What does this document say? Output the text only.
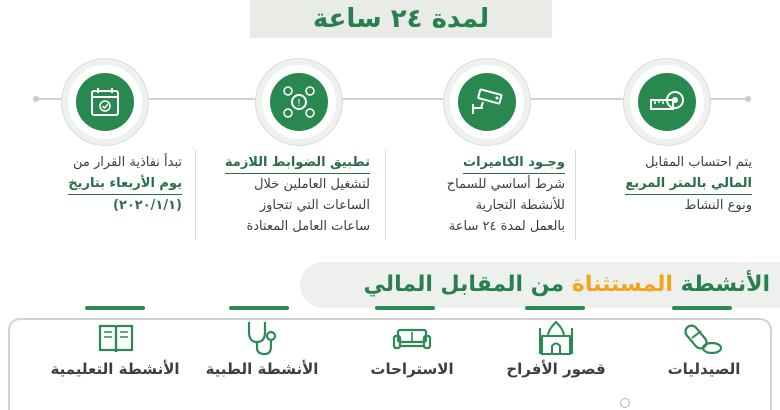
لمدة ٢٤ ساعة
!
يتم احتساب المقابل
المالي بالمتر المربع
ونوع النشاط
وجـود الكاميرات
شرط أساسي للسماح
للأنشطة التجارية
بالعمل لمدة ٢٤ ساعة
تطبيق الضوابط اللازمة
لتشغيل العاملين خلال
الساعات التي تتجاوز
ساعات العامل المعتادة
تبدأ نفاذية القرار من
يوم الأربعاء بتاريخ
(٢٠٢٠/١/١)
الأنشطة المستثناة من المقابل المالي
الصيدليات
قصور الأفراح
الاستراحات
الأنشطة الطبية
الأنشطة التعليمية
